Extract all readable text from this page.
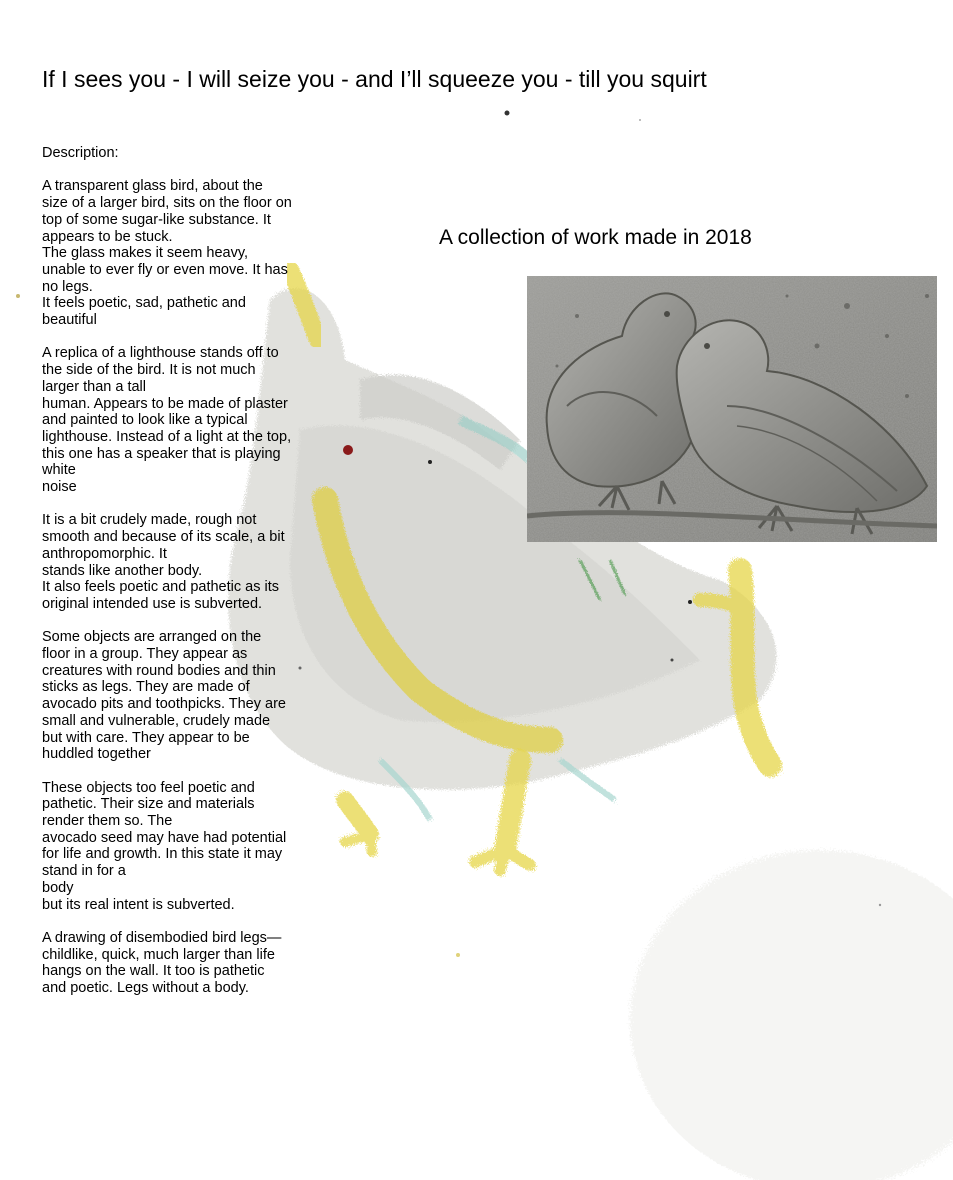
If I sees you - I will seize you - and I’ll squeeze you - till you squirt

Description:

A transparent glass bird, about the size of a larger bird, sits on the floor on top of some sugar-like substance. It appears to be stuck.
The glass makes it seem heavy, unable to ever fly or even move. It has no legs.
It feels poetic, sad, pathetic and beautiful

A replica of a lighthouse stands off to the side of the bird. It is not much larger than a tall
human. Appears to be made of plaster and painted to look like a typical lighthouse. Instead of a light at the top, this one has a speaker that is playing white
noise

It is a bit crudely made, rough not smooth and because of its scale, a bit anthropomorphic. It
stands like another body.
It also feels poetic and pathetic as its original intended use is subverted.

Some objects are arranged on the floor in a group. They appear as creatures with round bodies and thin sticks as legs. They are made of avocado pits and toothpicks. They are small and vulnerable, crudely made but with care. They appear to be huddled together

These objects too feel poetic and pathetic. Their size and materials render them so. The
avocado seed may have had potential for life and growth. In this state it may stand in for a
body
but its real intent is subverted.

A drawing of disembodied bird legs—childlike, quick, much larger than life hangs on the wall. It too is pathetic and poetic. Legs without a body.

A collection of work made in 2018
